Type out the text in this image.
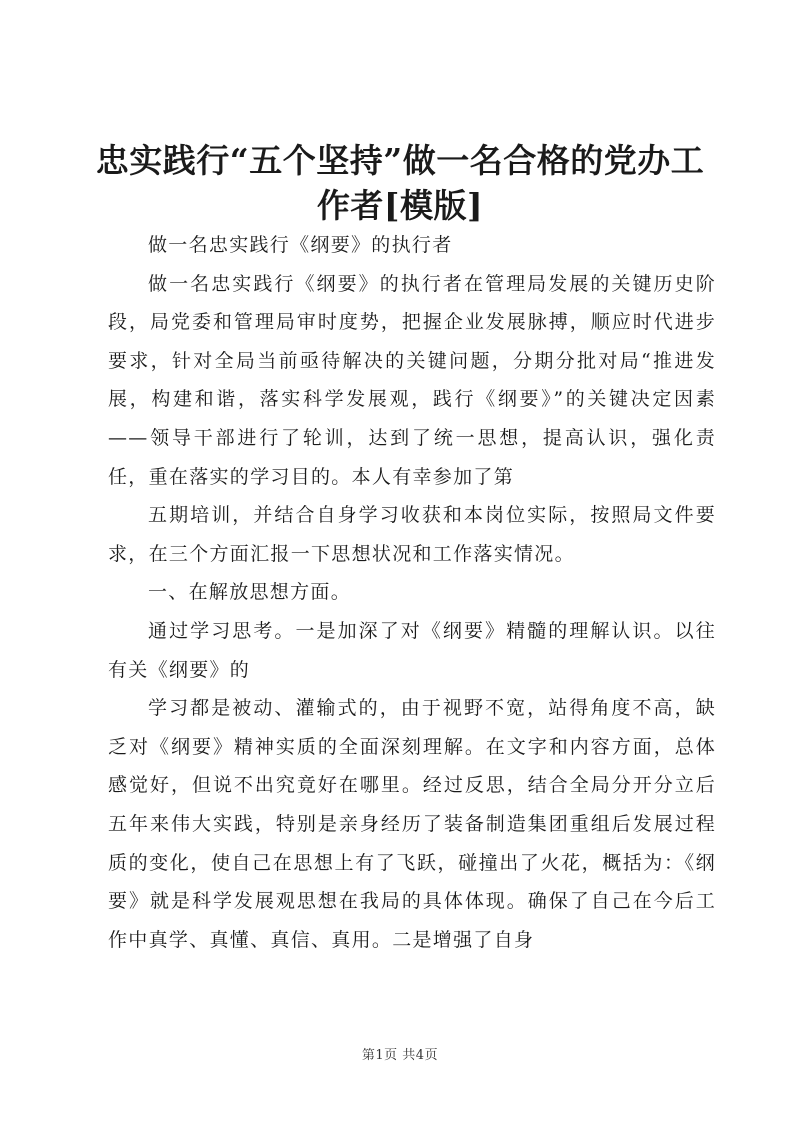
忠实践行“五个坚持”做一名合格的党办工作者[模版]

做一名忠实践行《纲要》的执行者

做一名忠实践行《纲要》的执行者在管理局发展的关键历史阶段，局党委和管理局审时度势，把握企业发展脉搏，顺应时代进步要求，针对全局当前亟待解决的关键问题，分期分批对局“推进发展，构建和谐，落实科学发展观，践行《纲要》”的关键决定因素——领导干部进行了轮训，达到了统一思想，提高认识，强化责任，重在落实的学习目的。本人有幸参加了第

五期培训，并结合自身学习收获和本岗位实际，按照局文件要求，在三个方面汇报一下思想状况和工作落实情况。

一、在解放思想方面。

通过学习思考。一是加深了对《纲要》精髓的理解认识。以往有关《纲要》的

学习都是被动、灌输式的，由于视野不宽，站得角度不高，缺乏对《纲要》精神实质的全面深刻理解。在文字和内容方面，总体感觉好，但说不出究竟好在哪里。经过反思，结合全局分开分立后五年来伟大实践，特别是亲身经历了装备制造集团重组后发展过程质的变化，使自己在思想上有了飞跃，碰撞出了火花，概括为：《纲要》就是科学发展观思想在我局的具体体现。确保了自己在今后工作中真学、真懂、真信、真用。二是增强了自身

第1页 共4页
